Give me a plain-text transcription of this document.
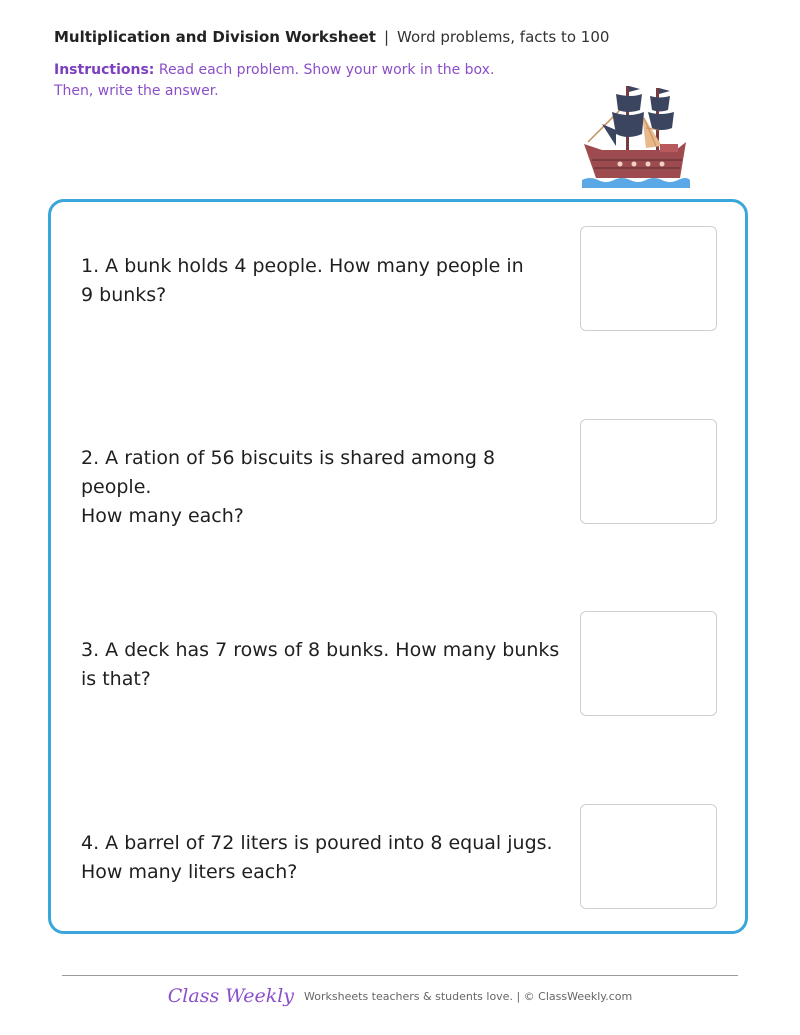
Multiplication and Division Worksheet | Word problems, facts to 100
Instructions: Read each problem. Show your work in the box. Then, write the answer.
1. A bunk holds 4 people. How many people in
9 bunks?
2. A ration of 56 biscuits is shared among 8 people.
How many each?
3. A deck has 7 rows of 8 bunks. How many bunks
is that?
4. A barrel of 72 liters is poured into 8 equal jugs.
How many liters each?
Class Weekly Worksheets teachers & students love. | © ClassWeekly.com
